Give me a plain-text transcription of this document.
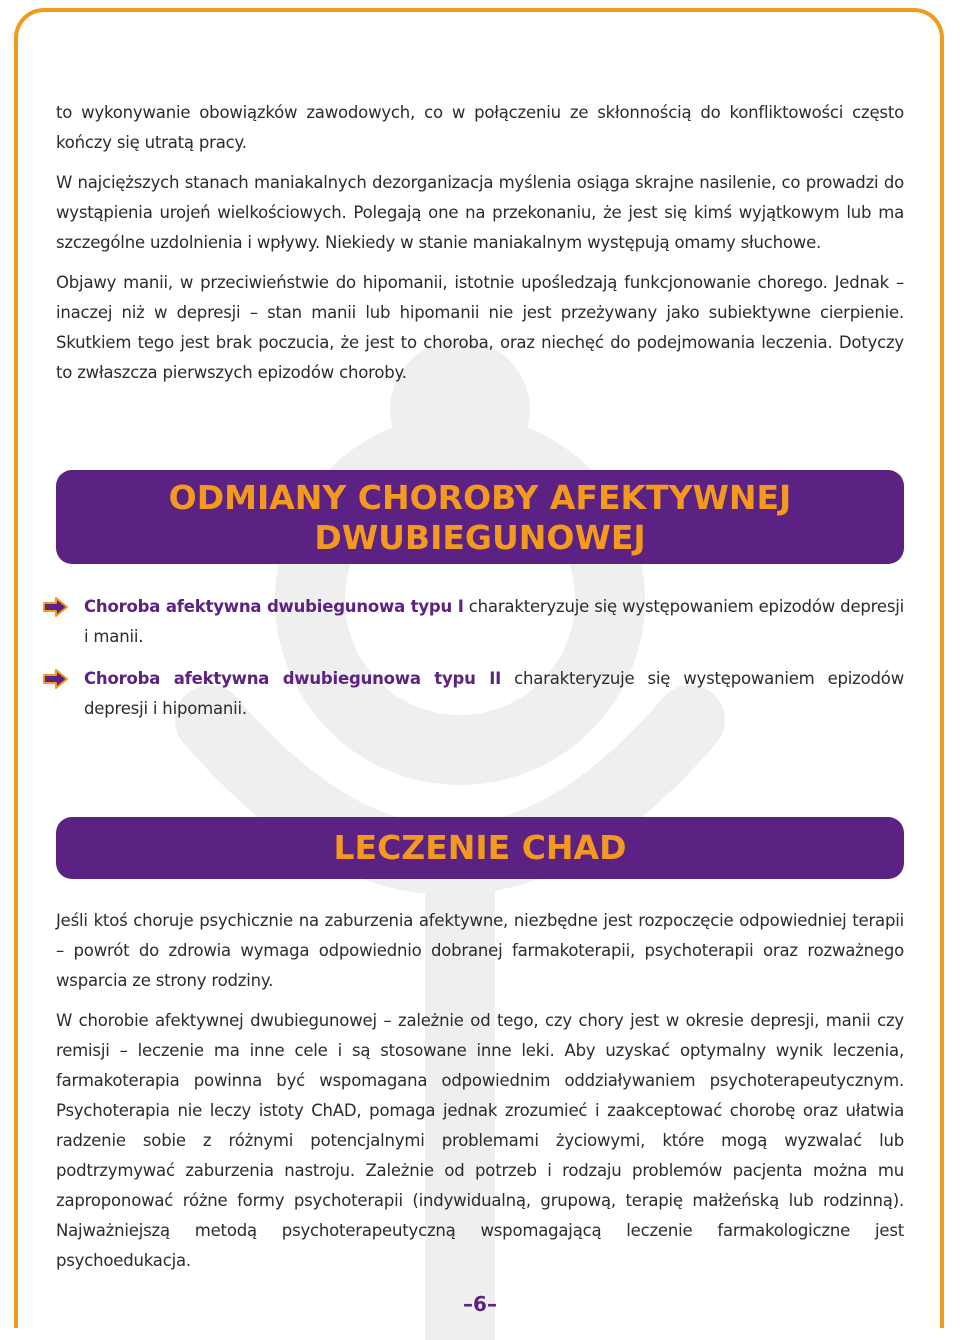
to wykonywanie obowiązków zawodowych, co w połączeniu ze skłonnością do konfliktowości często kończy się utratą pracy.

W najcięższych stanach maniakalnych dezorganizacja myślenia osiąga skrajne nasilenie, co prowadzi do wystąpienia urojeń wielkościowych. Polegają one na przekonaniu, że jest się kimś wyjątkowym lub ma szczególne uzdolnienia i wpływy. Niekiedy w stanie maniakalnym występują omamy słuchowe.

Objawy manii, w przeciwieństwie do hipomanii, istotnie upośledzają funkcjonowanie chorego. Jednak – inaczej niż w depresji – stan manii lub hipomanii nie jest przeżywany jako subiektywne cierpienie. Skutkiem tego jest brak poczucia, że jest to choroba, oraz niechęć do podejmowania leczenia. Dotyczy to zwłaszcza pierwszych epizodów choroby.

ODMIANY CHOROBY AFEKTYWNEJ
DWUBIEGUNOWEJ

Choroba afektywna dwubiegunowa typu I charakteryzuje się występowaniem epizodów depresji i manii.

Choroba afektywna dwubiegunowa typu II charakteryzuje się występowaniem epizodów depresji i hipomanii.

LECZENIE CHAD

Jeśli ktoś choruje psychicznie na zaburzenia afektywne, niezbędne jest rozpoczęcie odpowiedniej terapii – powrót do zdrowia wymaga odpowiednio dobranej farmakoterapii, psychoterapii oraz rozważnego wsparcia ze strony rodziny.

W chorobie afektywnej dwubiegunowej – zależnie od tego, czy chory jest w okresie depresji, manii czy remisji – leczenie ma inne cele i są stosowane inne leki. Aby uzyskać optymalny wynik leczenia, farmakoterapia powinna być wspomagana odpowiednim oddziaływaniem psychoterapeutycznym. Psychoterapia nie leczy istoty ChAD, pomaga jednak zrozumieć i zaakceptować chorobę oraz ułatwia radzenie sobie z różnymi potencjalnymi problemami życiowymi, które mogą wyzwalać lub podtrzymywać zaburzenia nastroju. Zależnie od potrzeb i rodzaju problemów pacjenta można mu zaproponować różne formy psychoterapii (indywidualną, grupową, terapię małżeńską lub rodzinną). Najważniejszą metodą psychoterapeutyczną wspomagającą leczenie farmakologiczne jest psychoedukacja.

–6–
